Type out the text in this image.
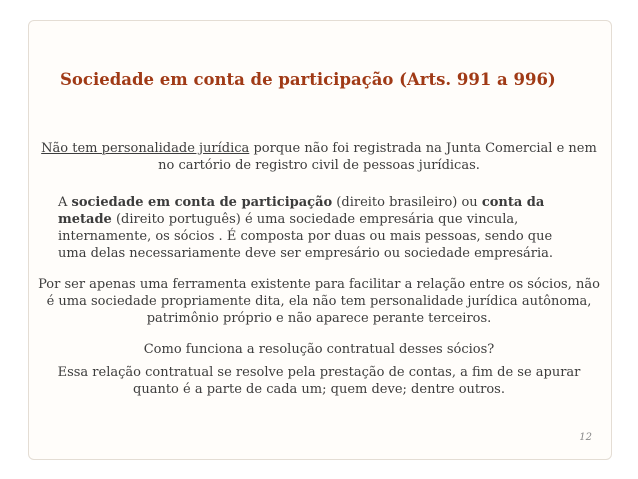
Sociedade em conta de participação (Arts. 991 a 996)
Não tem personalidade jurídica porque não foi registrada na Junta Comercial e nem no cartório de registro civil de pessoas jurídicas.
A sociedade em conta de participação (direito brasileiro) ou conta da metade (direito português) é uma sociedade empresária que vincula, internamente, os sócios . É composta por duas ou mais pessoas, sendo que uma delas necessariamente deve ser empresário ou sociedade empresária.
Por ser apenas uma ferramenta existente para facilitar a relação entre os sócios, não é uma sociedade propriamente dita, ela não tem personalidade jurídica autônoma, patrimônio próprio e não aparece perante terceiros.
Como funciona a resolução contratual desses sócios?
Essa relação contratual se resolve pela prestação de contas, a fim de se apurar quanto é a parte de cada um; quem deve; dentre outros.
12
